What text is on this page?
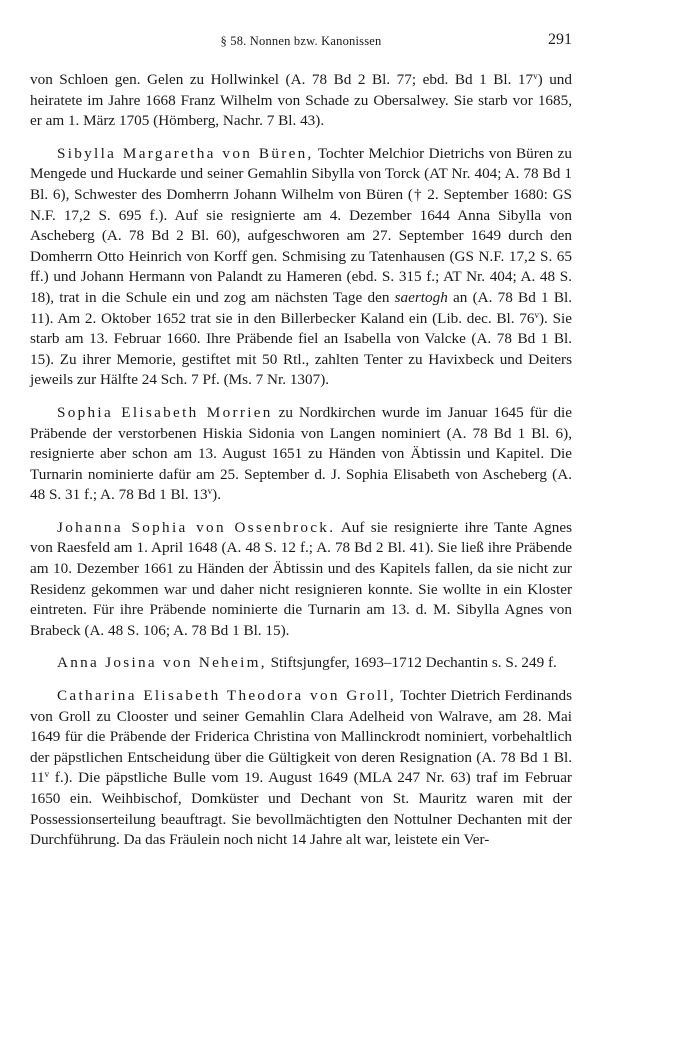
§ 58. Nonnen bzw. Kanonissen	291

von Schloen gen. Gelen zu Hollwinkel (A. 78 Bd 2 Bl. 77; ebd. Bd 1 Bl. 17$^v$) und heiratete im Jahre 1668 Franz Wilhelm von Schade zu Obersalwey. Sie starb vor 1685, er am 1. März 1705 (Hömberg, Nachr. 7 Bl. 43).

Sibylla Margaretha von Büren, Tochter Melchior Dietrichs von Büren zu Mengede und Huckarde und seiner Gemahlin Sibylla von Torck (AT Nr. 404; A. 78 Bd 1 Bl. 6), Schwester des Domherrn Johann Wilhelm von Büren († 2. September 1680: GS N.F. 17,2 S. 695 f.). Auf sie resignierte am 4. Dezember 1644 Anna Sibylla von Ascheberg (A. 78 Bd 2 Bl. 60), aufgeschworen am 27. September 1649 durch den Domherrn Otto Heinrich von Korff gen. Schmising zu Tatenhausen (GS N.F. 17,2 S. 65 ff.) und Johann Hermann von Palandt zu Hameren (ebd. S. 315 f.; AT Nr. 404; A. 48 S. 18), trat in die Schule ein und zog am nächsten Tage den saertogh an (A. 78 Bd 1 Bl. 11). Am 2. Oktober 1652 trat sie in den Billerbecker Kaland ein (Lib. dec. Bl. 76$^v$). Sie starb am 13. Februar 1660. Ihre Präbende fiel an Isabella von Valcke (A. 78 Bd 1 Bl. 15). Zu ihrer Memorie, gestiftet mit 50 Rtl., zahlten Tenter zu Havixbeck und Deiters jeweils zur Hälfte 24 Sch. 7 Pf. (Ms. 7 Nr. 1307).

Sophia Elisabeth Morrien zu Nordkirchen wurde im Januar 1645 für die Präbende der verstorbenen Hiskia Sidonia von Langen nominiert (A. 78 Bd 1 Bl. 6), resignierte aber schon am 13. August 1651 zu Händen von Äbtissin und Kapitel. Die Turnarin nominierte dafür am 25. September d. J. Sophia Elisabeth von Ascheberg (A. 48 S. 31 f.; A. 78 Bd 1 Bl. 13$^v$).

Johanna Sophia von Ossenbrock. Auf sie resignierte ihre Tante Agnes von Raesfeld am 1. April 1648 (A. 48 S. 12 f.; A. 78 Bd 2 Bl. 41). Sie ließ ihre Präbende am 10. Dezember 1661 zu Händen der Äbtissin und des Kapitels fallen, da sie nicht zur Residenz gekommen war und daher nicht resignieren konnte. Sie wollte in ein Kloster eintreten. Für ihre Präbende nominierte die Turnarin am 13. d. M. Sibylla Agnes von Brabeck (A. 48 S. 106; A. 78 Bd 1 Bl. 15).

Anna Josina von Neheim, Stiftsjungfer, 1693–1712 Dechantin s. S. 249 f.

Catharina Elisabeth Theodora von Groll, Tochter Dietrich Ferdinands von Groll zu Clooster und seiner Gemahlin Clara Adelheid von Walrave, am 28. Mai 1649 für die Präbende der Friderica Christina von Mallinckrodt nominiert, vorbehaltlich der päpstlichen Entscheidung über die Gültigkeit von deren Resignation (A. 78 Bd 1 Bl. 11$^v$ f.). Die päpstliche Bulle vom 19. August 1649 (MLA 247 Nr. 63) traf im Februar 1650 ein. Weihbischof, Domküster und Dechant von St. Mauritz waren mit der Possessionserteilung beauftragt. Sie bevollmächtigten den Nottulner Dechanten mit der Durchführung. Da das Fräulein noch nicht 14 Jahre alt war, leistete ein Ver-
